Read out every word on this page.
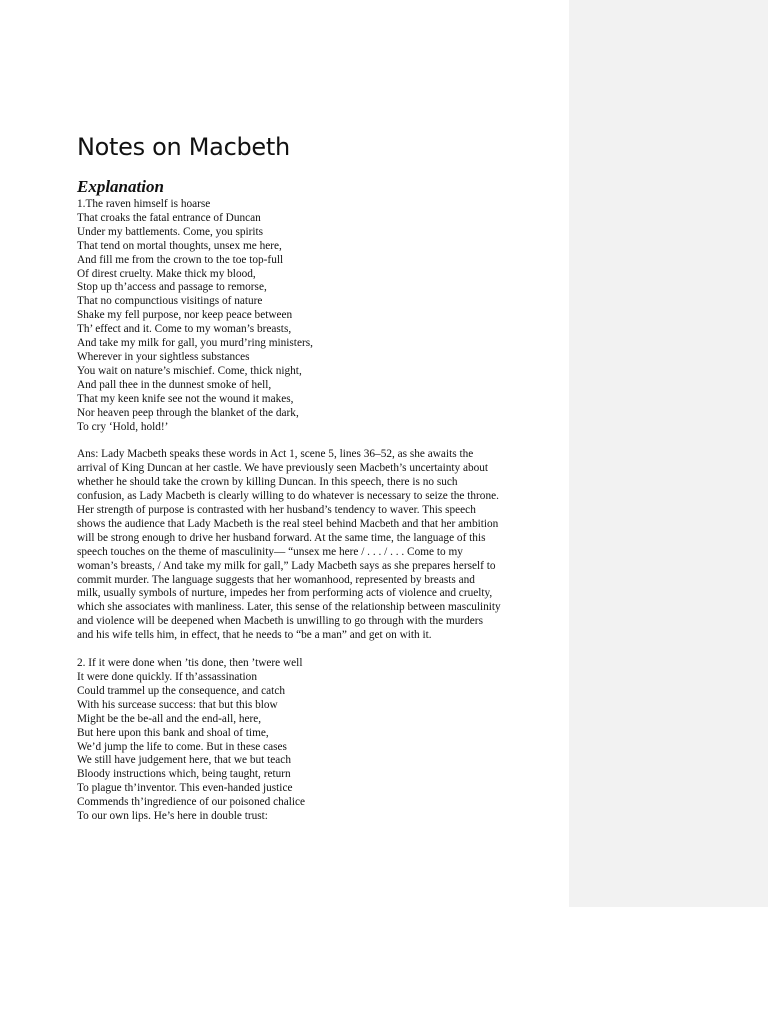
Notes on Macbeth
Explanation
1.The raven himself is hoarse
That croaks the fatal entrance of Duncan
Under my battlements. Come, you spirits
That tend on mortal thoughts, unsex me here,
And fill me from the crown to the toe top-full
Of direst cruelty. Make thick my blood,
Stop up th’access and passage to remorse,
That no compunctious visitings of nature
Shake my fell purpose, nor keep peace between
Th’ effect and it. Come to my woman’s breasts,
And take my milk for gall, you murd’ring ministers,
Wherever in your sightless substances
You wait on nature’s mischief. Come, thick night,
And pall thee in the dunnest smoke of hell,
That my keen knife see not the wound it makes,
Nor heaven peep through the blanket of the dark,
To cry ‘Hold, hold!’
Ans: Lady Macbeth speaks these words in Act 1, scene 5, lines 36–52, as she awaits the
arrival of King Duncan at her castle. We have previously seen Macbeth’s uncertainty about
whether he should take the crown by killing Duncan. In this speech, there is no such
confusion, as Lady Macbeth is clearly willing to do whatever is necessary to seize the throne.
Her strength of purpose is contrasted with her husband’s tendency to waver. This speech
shows the audience that Lady Macbeth is the real steel behind Macbeth and that her ambition
will be strong enough to drive her husband forward. At the same time, the language of this
speech touches on the theme of masculinity— “unsex me here / . . . / . . . Come to my
woman’s breasts, / And take my milk for gall,” Lady Macbeth says as she prepares herself to
commit murder. The language suggests that her womanhood, represented by breasts and
milk, usually symbols of nurture, impedes her from performing acts of violence and cruelty,
which she associates with manliness. Later, this sense of the relationship between masculinity
and violence will be deepened when Macbeth is unwilling to go through with the murders
and his wife tells him, in effect, that he needs to “be a man” and get on with it.
2. If it were done when ’tis done, then ’twere well
It were done quickly. If th’assassination
Could trammel up the consequence, and catch
With his surcease success: that but this blow
Might be the be-all and the end-all, here,
But here upon this bank and shoal of time,
We’d jump the life to come. But in these cases
We still have judgement here, that we but teach
Bloody instructions which, being taught, return
To plague th’inventor. This even-handed justice
Commends th’ingredience of our poisoned chalice
To our own lips. He’s here in double trust:
